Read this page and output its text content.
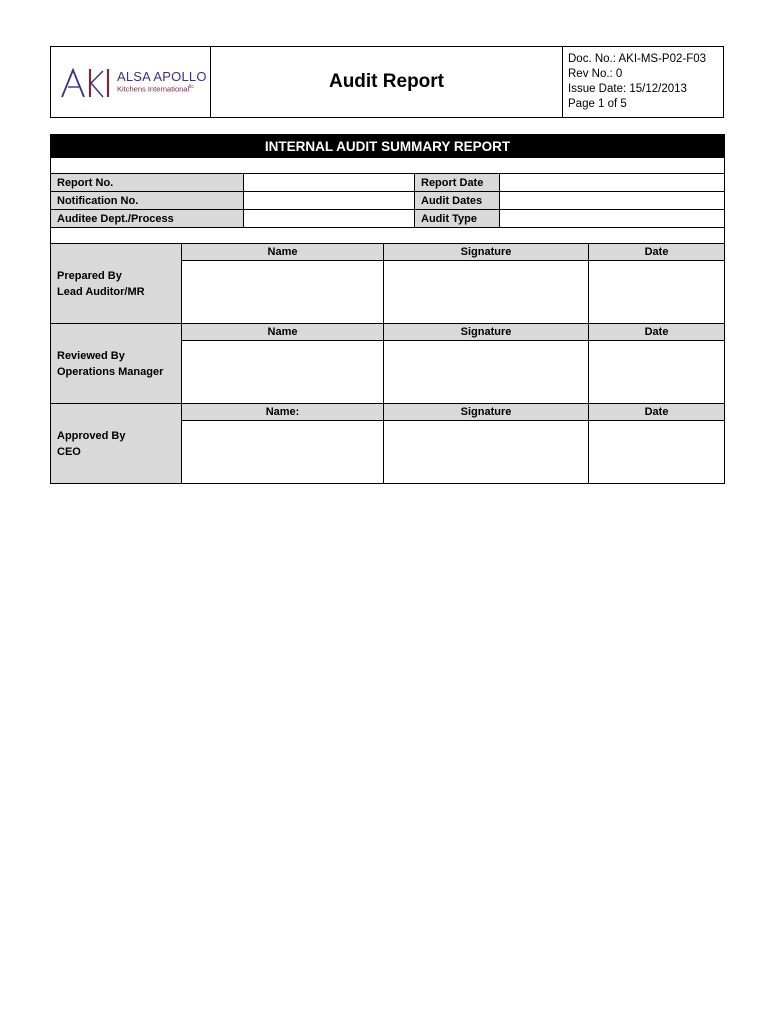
ALSA APOLLO
Kitchens International$^{llc}$	Audit Report	
Doc. No.: AKI-MS-P02-F03
Rev No.: 0
Issue Date: 15/12/2013
Page 1 of 5
INTERNAL AUDIT SUMMARY REPORT						

Report No.				Report Date		
Notification No.				Audit Dates		
Auditee Dept./Process				Audit Type		

Prepared By
Lead Auditor/MR	Name		Signature			Date

Reviewed By
Operations Manager	Name		Signature			Date

Approved By
CEO	Name:		Signature			Date
